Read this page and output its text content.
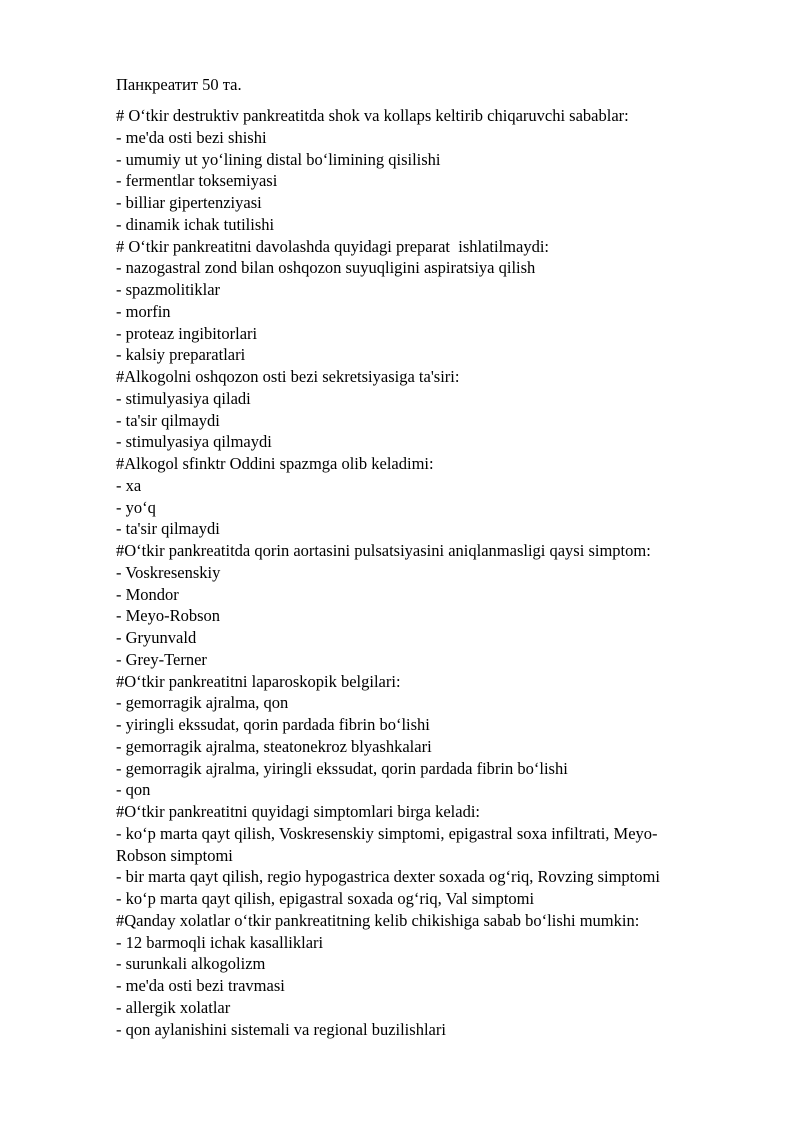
Панкреатит 50 та.

# O‘tkir destruktiv pankreatitda shok va kollaps keltirib chiqaruvchi sabablar:
- me'da osti bezi shishi
- umumiy ut yo‘lining distal bo‘limining qisilishi
- fermentlar toksemiyasi
- billiar gipertenziyasi
- dinamik ichak tutilishi
# O‘tkir pankreatitni davolashda quyidagi preparat  ishlatilmaydi:
- nazogastral zond bilan oshqozon suyuqligini aspiratsiya qilish
- spazmolitiklar
- morfin
- proteaz ingibitorlari
- kalsiy preparatlari
#Alkogolni oshqozon osti bezi sekretsiyasiga ta'siri:
- stimulyasiya qiladi
- ta'sir qilmaydi
- stimulyasiya qilmaydi
#Alkogol sfinktr Oddini spazmga olib keladimi:
- xa
- yo‘q
- ta'sir qilmaydi
#O‘tkir pankreatitda qorin aortasini pulsatsiyasini aniqlanmasligi qaysi simptom:
- Voskresenskiy
- Mondor
- Meyo-Robson
- Gryunvald
- Grey-Terner
#O‘tkir pankreatitni laparoskopik belgilari:
- gemorragik ajralma, qon
- yiringli ekssudat, qorin pardada fibrin bo‘lishi
- gemorragik ajralma, steatonekroz blyashkalari
- gemorragik ajralma, yiringli ekssudat, qorin pardada fibrin bo‘lishi
- qon
#O‘tkir pankreatitni quyidagi simptomlari birga keladi:
- ko‘p marta qayt qilish, Voskresenskiy simptomi, epigastral soxa infiltrati, Meyo-
Robson simptomi
- bir marta qayt qilish, regio hypogastrica dexter soxada og‘riq, Rovzing simptomi
- ko‘p marta qayt qilish, epigastral soxada og‘riq, Val simptomi
#Qanday xolatlar o‘tkir pankreatitning kelib chikishiga sabab bo‘lishi mumkin:
- 12 barmoqli ichak kasalliklari
- surunkali alkogolizm
- me'da osti bezi travmasi
- allergik xolatlar
- qon aylanishini sistemali va regional buzilishlari
